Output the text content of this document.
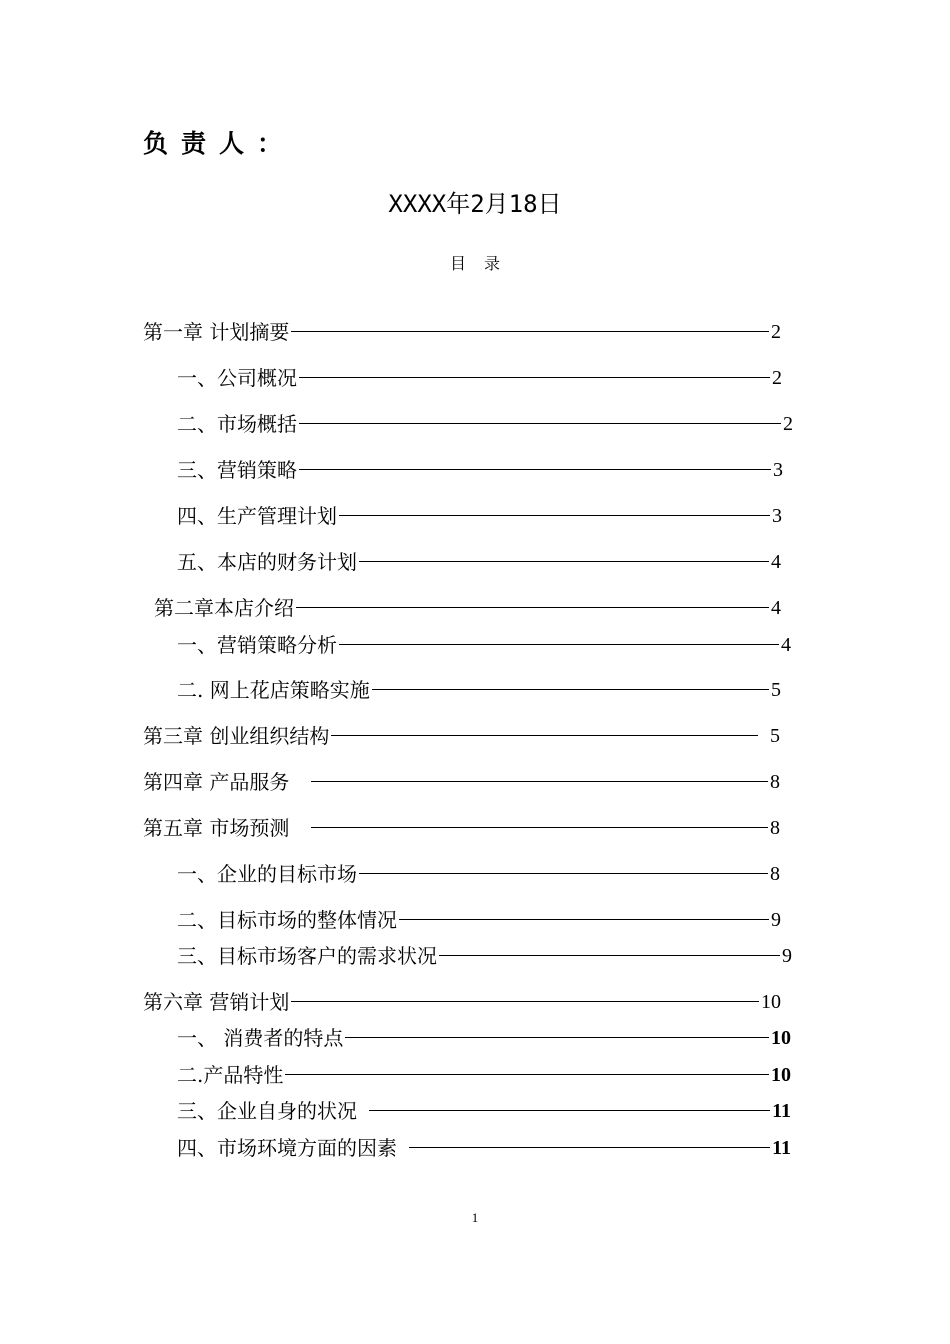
负责人：
XXXX年2月18日
目录
第一章 计划摘要	2
一、公司概况	2
二、市场概括	2
三、营销策略	3
四、生产管理计划	3
五、本店的财务计划	4
第二章本店介绍	4
一、营销策略分析	4
二. 网上花店策略实施	5
第三章 创业组织结构	5
第四章 产品服务	8
第五章 市场预测	8
一、企业的目标市场	8
二、目标市场的整体情况	9
三、目标市场客户的需求状况	9
第六章 营销计划	10
一、 消费者的特点	10
二.产品特性	10
三、企业自身的状况	11
四、市场环境方面的因素	11
1
